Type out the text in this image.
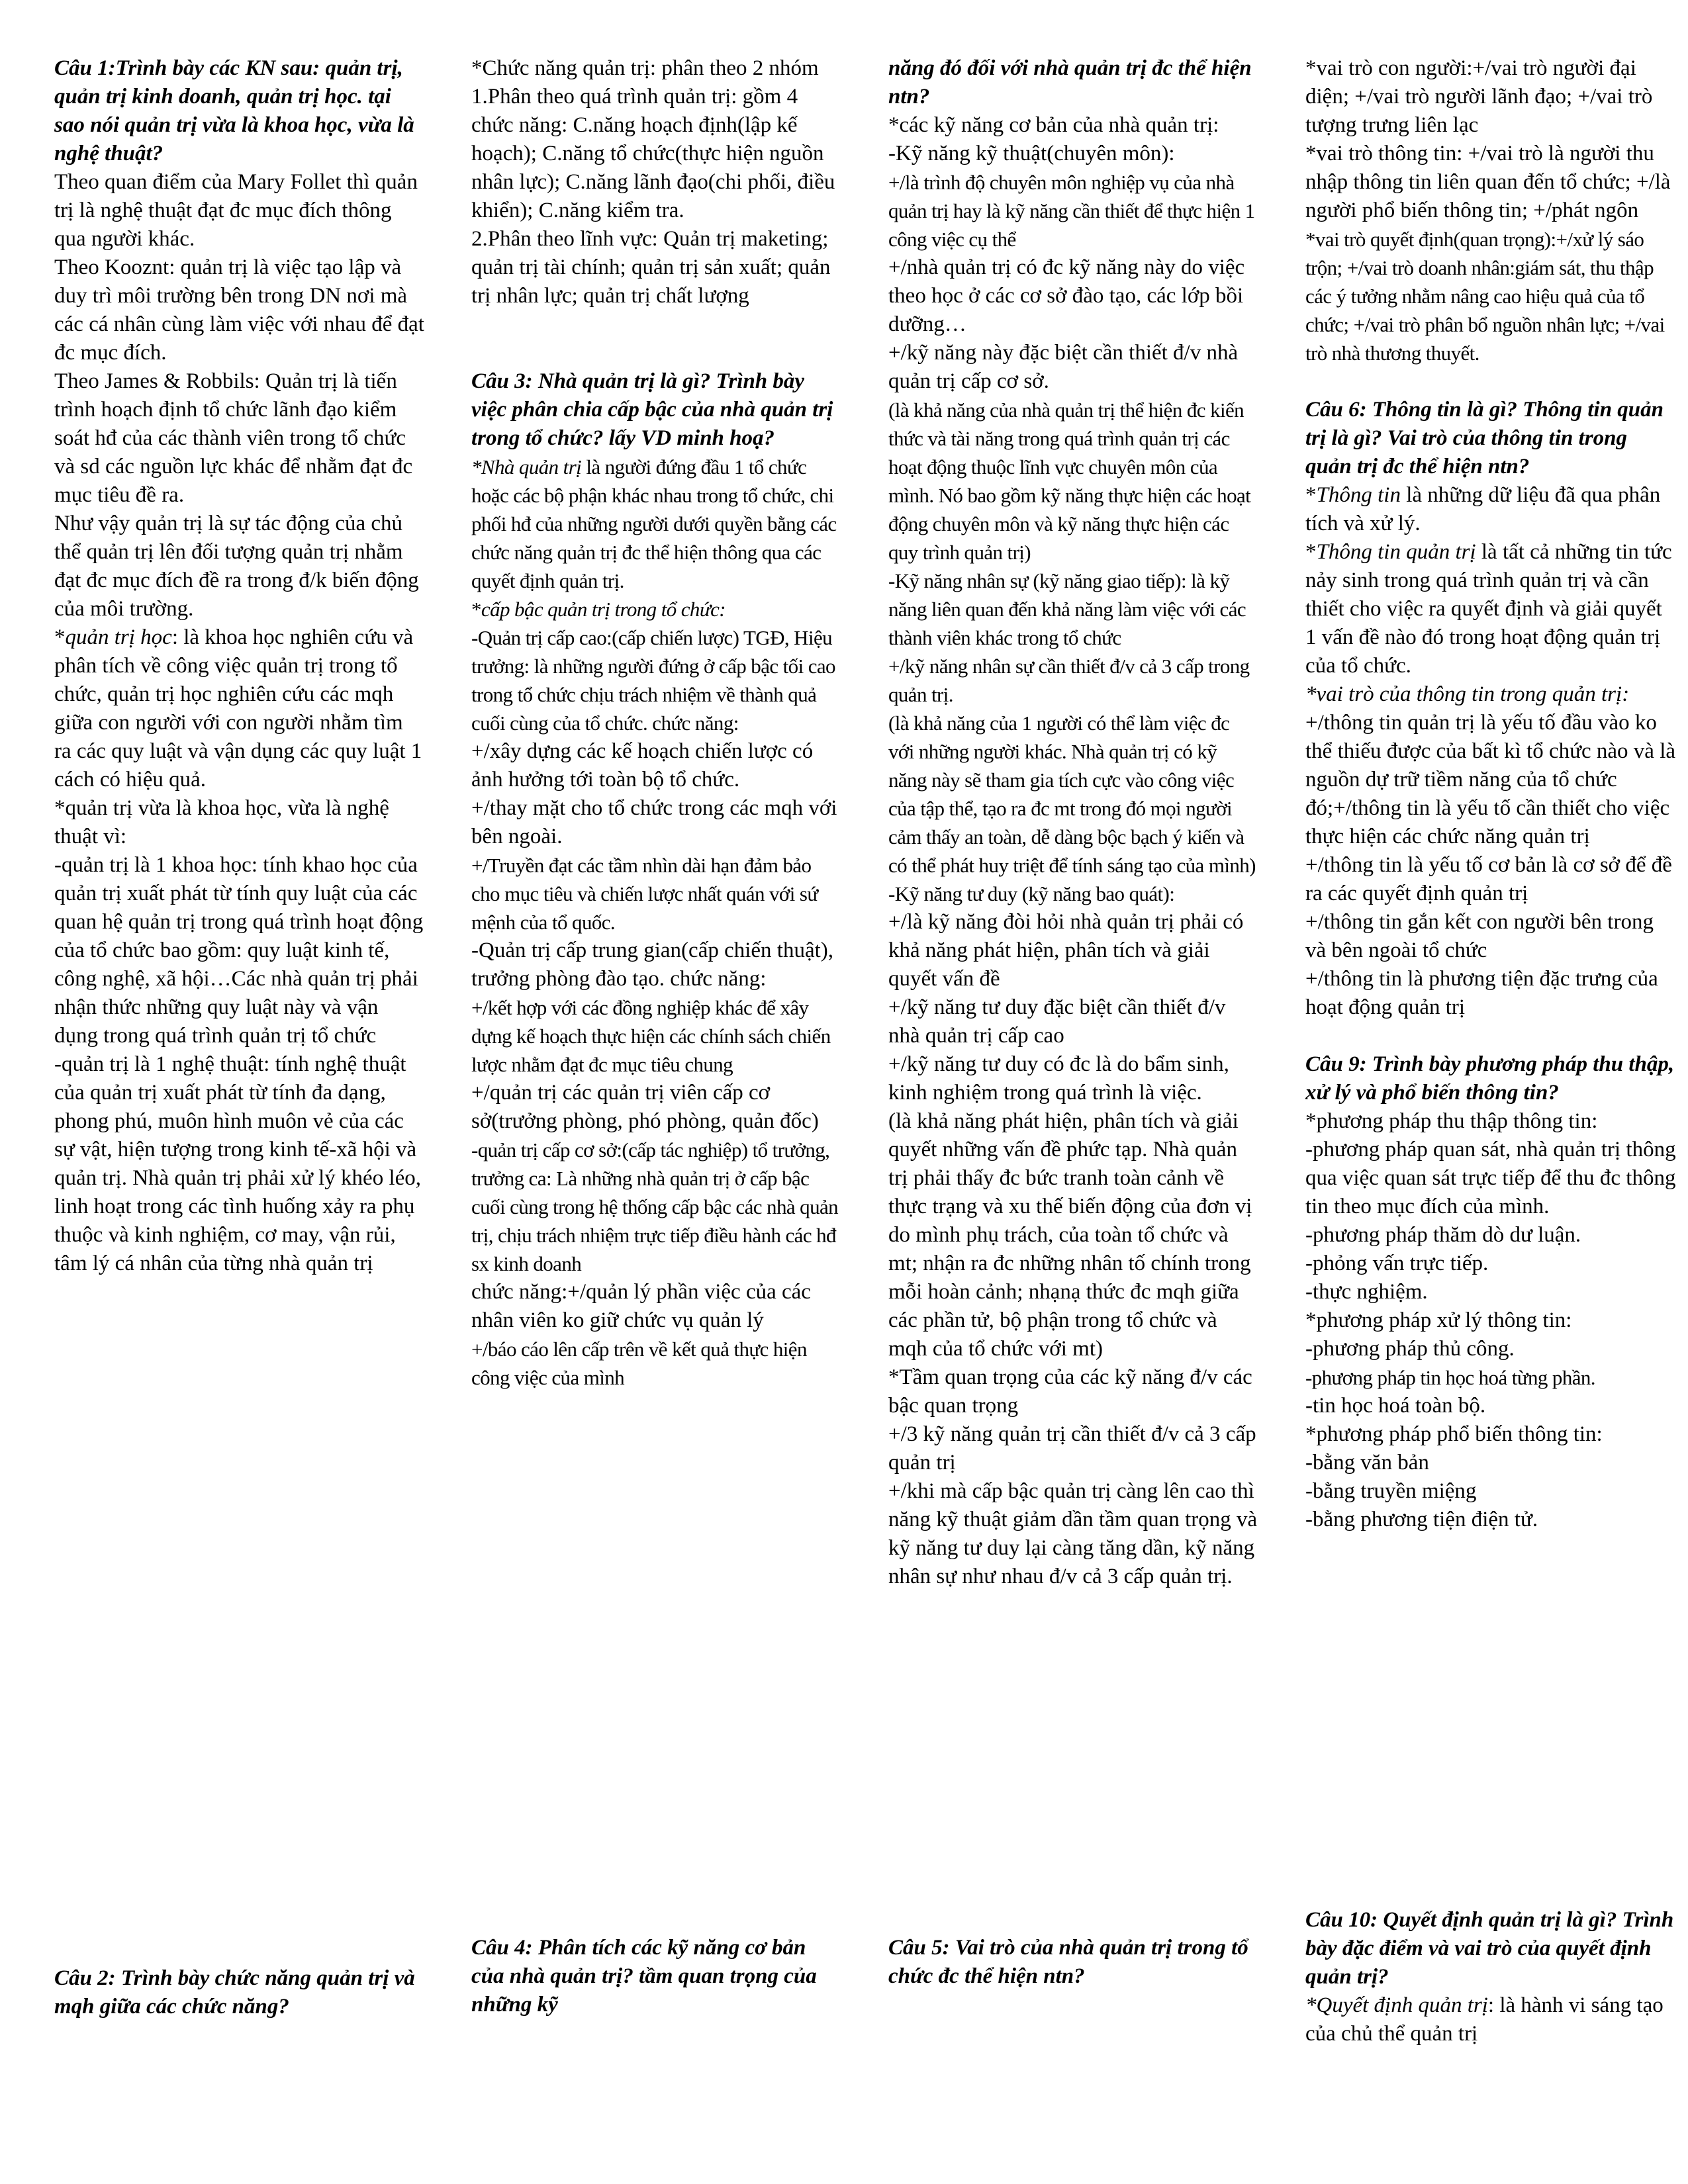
Câu 1:Trình bày các KN sau: quản trị, quản trị kinh doanh, quản trị học. tại sao nói quản trị vừa là khoa học, vừa là nghệ thuật?
Theo quan điểm của Mary Follet thì quản trị là nghệ thuật đạt đc mục đích thông qua người khác.
Theo Kooznt: quản trị là việc tạo lập và duy trì môi trường bên trong DN nơi mà các cá nhân cùng làm việc với nhau để đạt đc mục đích.
Theo James & Robbils: Quản trị là tiến trình hoạch định tổ chức lãnh đạo kiểm soát hđ của các thành viên trong tổ chức và sd các nguồn lực khác để nhằm đạt đc mục tiêu đề ra.
Như vậy quản trị là sự tác động của chủ thể quản trị lên đối tượng quản trị nhằm đạt đc mục đích đề ra trong đ/k biến động của môi trường.
*quản trị học: là khoa học nghiên cứu và phân tích về công việc quản trị trong tổ chức, quản trị học nghiên cứu các mqh giữa con người với con người nhằm tìm ra các quy luật và vận dụng các quy luật 1 cách có hiệu quả.
*quản trị vừa là khoa học, vừa là nghệ thuật vì:
-quản trị là 1 khoa học: tính khao học của quản trị xuất phát từ tính quy luật của các quan hệ quản trị trong quá trình hoạt động của tổ chức bao gồm: quy luật kinh tế, công nghệ, xã hội…Các nhà quản trị phải nhận thức những quy luật này và vận dụng trong quá trình quản trị tổ chức
-quản trị là 1 nghệ thuật: tính nghệ thuật của quản trị xuất phát từ tính đa dạng, phong phú, muôn hình muôn vẻ của các sự vật, hiện tượng trong kinh tế-xã hội và quản trị. Nhà quản trị phải xử lý khéo léo, linh hoạt trong các tình huống xảy ra phụ thuộc và kinh nghiệm, cơ may, vận rủi, tâm lý cá nhân của từng nhà quản trị
Câu 2: Trình bày chức năng quản trị và mqh giữa các chức năng?
*Chức năng quản trị: phân theo 2 nhóm
1.Phân theo quá trình quản trị: gồm 4 chức năng: C.năng hoạch định(lập kế hoạch); C.năng tổ chức(thực hiện nguồn nhân lực); C.năng lãnh đạo(chi phối, điều khiển); C.năng kiểm tra.
2.Phân theo lĩnh vực: Quản trị maketing; quản trị tài chính; quản trị sản xuất; quản trị nhân lực; quản trị chất lượng
Câu 3: Nhà quản trị là gì? Trình bày việc phân chia cấp bậc của nhà quản trị trong tổ chức? lấy VD minh hoạ?
*Nhà quản trị là người đứng đầu 1 tổ chức hoặc các bộ phận khác nhau trong tổ chức, chi phối hđ của những người dưới quyền bằng các chức năng quản trị đc thể hiện thông qua các quyết định quản trị.
*cấp bậc quản trị trong tổ chức:
-Quản trị cấp cao:(cấp chiến lược) TGĐ, Hiệu trưởng: là những người đứng ở cấp bậc tối cao trong tổ chức chịu trách nhiệm về thành quả cuối cùng của tổ chức. chức năng:
+/xây dựng các kế hoạch chiến lược có ảnh hưởng tới toàn bộ tổ chức.
+/thay mặt cho tổ chức trong các mqh với bên ngoài.
+/Truyền đạt các tầm nhìn dài hạn đảm bảo cho mục tiêu và chiến lược nhất quán với sứ mệnh của tổ quốc.
-Quản trị cấp trung gian(cấp chiến thuật), trưởng phòng đào tạo. chức năng:
+/kết hợp với các đồng nghiệp khác để xây dựng kế hoạch thực hiện các chính sách chiến lược nhằm đạt đc mục tiêu chung
+/quản trị các quản trị viên cấp cơ sở(trưởng phòng, phó phòng, quản đốc)
-quản trị cấp cơ sở:(cấp tác nghiệp) tổ trưởng, trưởng ca: Là những nhà quản trị ở cấp bậc cuối cùng trong hệ thống cấp bậc các nhà quản trị, chịu trách nhiệm trực tiếp điều hành các hđ sx kinh doanh
chức năng:+/quản lý phần việc của các nhân viên ko giữ chức vụ quản lý
+/báo cáo lên cấp trên về kết quả thực hiện công việc của mình
Câu 4: Phân tích các kỹ năng cơ bản của nhà quản trị? tầm quan trọng của những kỹ
năng đó đối với nhà quản trị đc thể hiện ntn?
*các kỹ năng cơ bản của nhà quản trị:
-Kỹ năng kỹ thuật(chuyên môn):
+/là trình độ chuyên môn nghiệp vụ của nhà quản trị hay là kỹ năng cần thiết để thực hiện 1 công việc cụ thể
+/nhà quản trị có đc kỹ năng này do việc theo học ở các cơ sở đào tạo, các lớp bồi dưỡng…
+/kỹ năng này đặc biệt cần thiết đ/v nhà quản trị cấp cơ sở.
(là khả năng của nhà quản trị thể hiện đc kiến thức và tài năng trong quá trình quản trị các hoạt động thuộc lĩnh vực chuyên môn của mình. Nó bao gồm kỹ năng thực hiện các hoạt động chuyên môn và kỹ năng thực hiện các quy trình quản trị)
-Kỹ năng nhân sự (kỹ năng giao tiếp): là kỹ năng liên quan đến khả năng làm việc với các thành viên khác trong tổ chức
+/kỹ năng nhân sự cần thiết đ/v cả 3 cấp trong quản trị.
(là khả năng của 1 người có thể làm việc đc với những người khác. Nhà quản trị có kỹ năng này sẽ tham gia tích cực vào công việc của tập thể, tạo ra đc mt trong đó mọi người cảm thấy an toàn, dễ dàng bộc bạch ý kiến và có thể phát huy triệt để tính sáng tạo của mình)
-Kỹ năng tư duy (kỹ năng bao quát):
+/là kỹ năng đòi hỏi nhà quản trị phải có khả năng phát hiện, phân tích và giải quyết vấn đề
+/kỹ năng tư duy đặc biệt cần thiết đ/v nhà quản trị cấp cao
+/kỹ năng tư duy có đc là do bẩm sinh, kinh nghiệm trong quá trình là việc.
(là khả năng phát hiện, phân tích và giải quyết những vấn đề phức tạp. Nhà quản trị phải thấy đc bức tranh toàn cảnh về thực trạng và xu thế biến động của đơn vị do mình phụ trách, của toàn tổ chức và mt; nhận ra đc những nhân tố chính trong mỗi hoàn cảnh; nhạnạ thức đc mqh giữa các phần tử, bộ phận trong tổ chức và mqh của tổ chức với mt)
*Tầm quan trọng của các kỹ năng đ/v các bậc quan trọng
+/3 kỹ năng quản trị cần thiết đ/v cả 3 cấp quản trị
+/khi mà cấp bậc quản trị càng lên cao thì năng kỹ thuật giảm dần tầm quan trọng và kỹ năng tư duy lại càng tăng dần, kỹ năng nhân sự như nhau đ/v cả 3 cấp quản trị.
Câu 5: Vai trò của nhà quản trị trong tổ chức đc thể hiện ntn?
*vai trò con người:+/vai trò người đại diện; +/vai trò người lãnh đạo; +/vai trò tượng trưng liên lạc
*vai trò thông tin: +/vai trò là người thu nhập thông tin liên quan đến tổ chức; +/là người phổ biến thông tin; +/phát ngôn
*vai trò quyết định(quan trọng):+/xử lý sáo trộn; +/vai trò doanh nhân:giám sát, thu thập các ý tưởng nhằm nâng cao hiệu quả của tổ chức; +/vai trò phân bổ nguồn nhân lực; +/vai trò nhà thương thuyết.
Câu 6: Thông tin là gì? Thông tin quản trị là gì? Vai trò của thông tin trong quản trị đc thể hiện ntn?
*Thông tin là những dữ liệu đã qua phân tích và xử lý.
*Thông tin quản trị là tất cả những tin tức nảy sinh trong quá trình quản trị và cần thiết cho việc ra quyết định và giải quyết 1 vấn đề nào đó trong hoạt động quản trị của tổ chức.
*vai trò của thông tin trong quản trị:
+/thông tin quản trị là yếu tố đầu vào ko thể thiếu được của bất kì tổ chức nào và là nguồn dự trữ tiềm năng của tổ chức đó;+/thông tin là yếu tố cần thiết cho việc thực hiện các chức năng quản trị
+/thông tin là yếu tố cơ bản là cơ sở để đề ra các quyết định quản trị
+/thông tin gắn kết con người bên trong và bên ngoài tổ chức
+/thông tin là phương tiện đặc trưng của hoạt động quản trị
Câu 9: Trình bày phương pháp thu thập, xử lý và phổ biến thông tin?
*phương pháp thu thập thông tin:
-phương pháp quan sát, nhà quản trị thông qua việc quan sát trực tiếp để thu đc thông tin theo mục đích của mình.
-phương pháp thăm dò dư luận.
-phỏng vấn trực tiếp.
-thực nghiệm.
*phương pháp xử lý thông tin:
-phương pháp thủ công.
-phương pháp tin học hoá từng phần.
-tin học hoá toàn bộ.
*phương pháp phổ biến thông tin:
-bằng văn bản
-bằng truyền miệng
-bằng phương tiện điện tử.
Câu 10: Quyết định quản trị là gì? Trình bày đặc điểm và vai trò của quyết định quản trị?
*Quyết định quản trị: là hành vi sáng tạo của chủ thể quản trị
